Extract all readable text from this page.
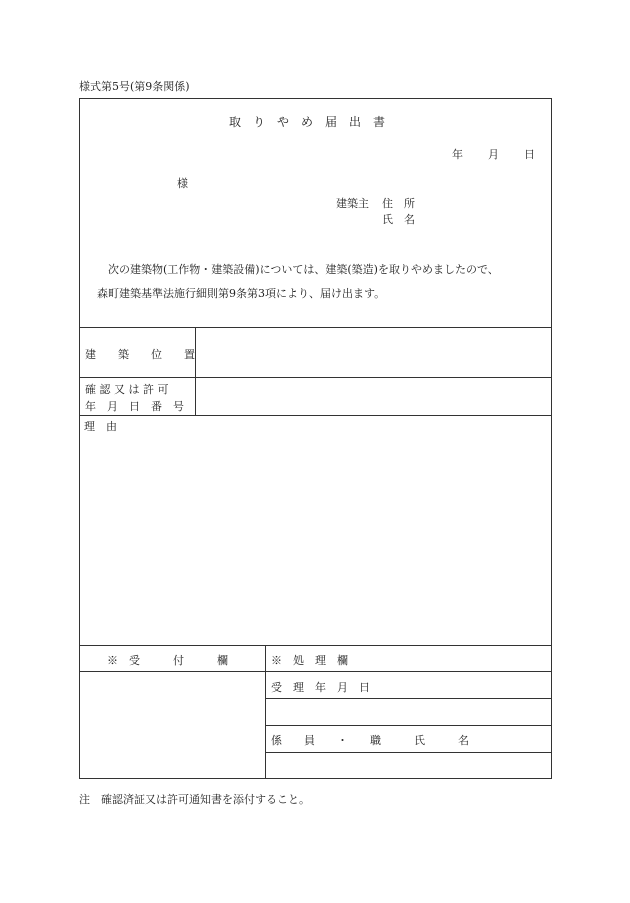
様式第5号(第9条関係)
取　り　や　め　届　出　書
年 月 日
様
建築主 住　所
氏　名
次の建築物(工作物・建築設備)については、建築(築造)を取りやめましたので、
森町建築基準法施行細則第9条第3項により、届け出ます。
建　　築　　位　　置
確 認 又 は 許 可
年　月　日　番　号
理　由
※　受　　　付　　　欄	※　処　理　欄
受　理　年　月　日
係　　員　　・　　職　　　氏　　　名
注　確認済証又は許可通知書を添付すること。
